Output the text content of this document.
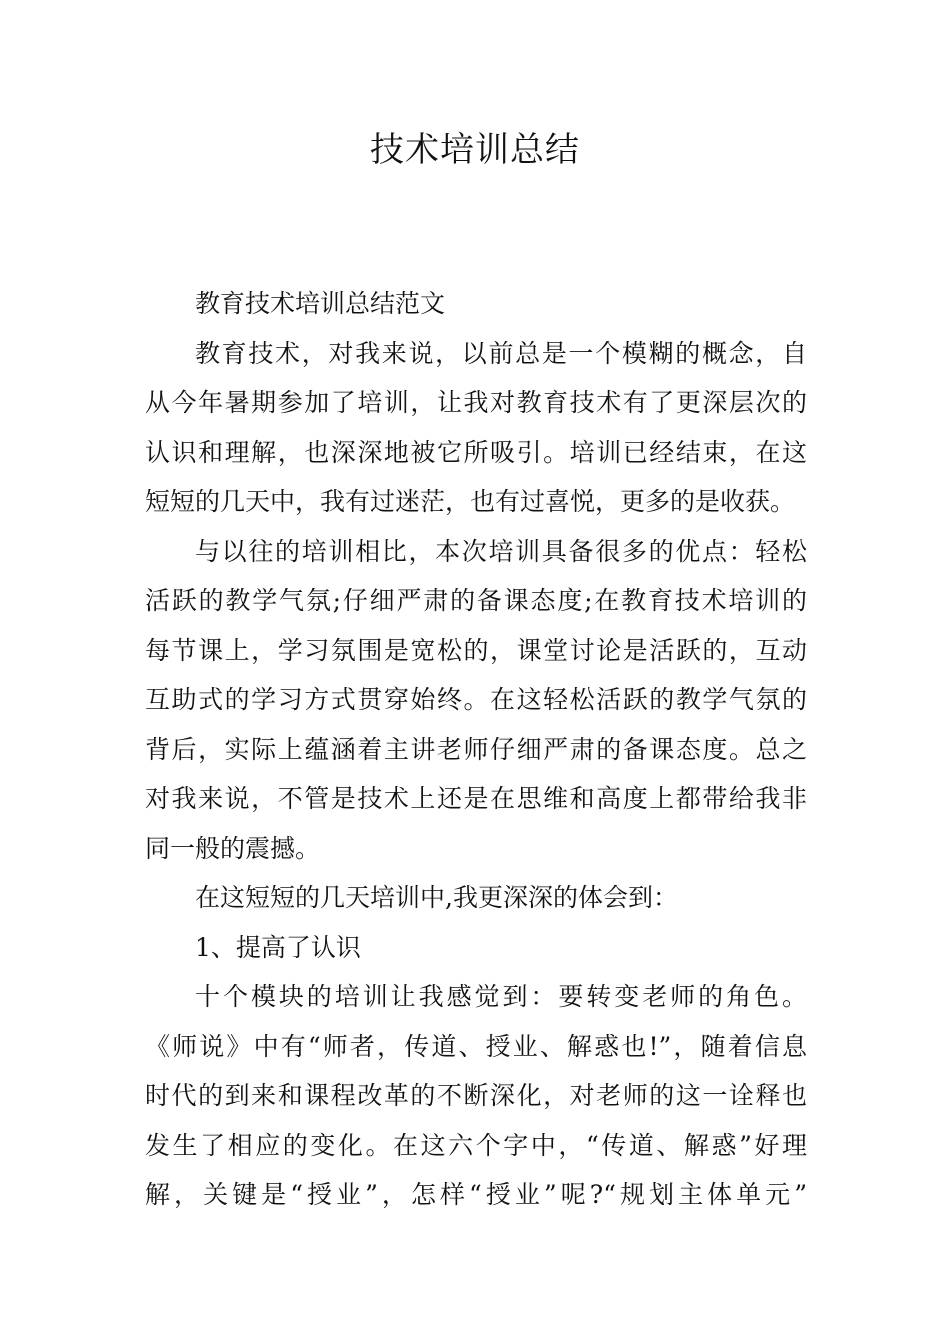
技术培训总结

教育技术培训总结范文

教育技术，对我来说，以前总是一个模糊的概念，自

从今年暑期参加了培训，让我对教育技术有了更深层次的

认识和理解，也深深地被它所吸引。培训已经结束，在这

短短的几天中，我有过迷茫，也有过喜悦，更多的是收获。

与以往的培训相比，本次培训具备很多的优点：轻松

活跃的教学气氛;仔细严肃的备课态度;在教育技术培训的

每节课上，学习氛围是宽松的，课堂讨论是活跃的，互动

互助式的学习方式贯穿始终。在这轻松活跃的教学气氛的

背后，实际上蕴涵着主讲老师仔细严肃的备课态度。总之

对我来说，不管是技术上还是在思维和高度上都带给我非

同一般的震撼。

在这短短的几天培训中,我更深深的体会到：

1、提高了认识

十个模块的培训让我感觉到：要转变老师的角色。

《师说》中有“师者，传道、授业、解惑也!”，随着信息

时代的到来和课程改革的不断深化，对老师的这一诠释也

发生了相应的变化。在这六个字中，“传道、解惑”好理

解，关键是“授业”，怎样“授业”呢?“规划主体单元”
